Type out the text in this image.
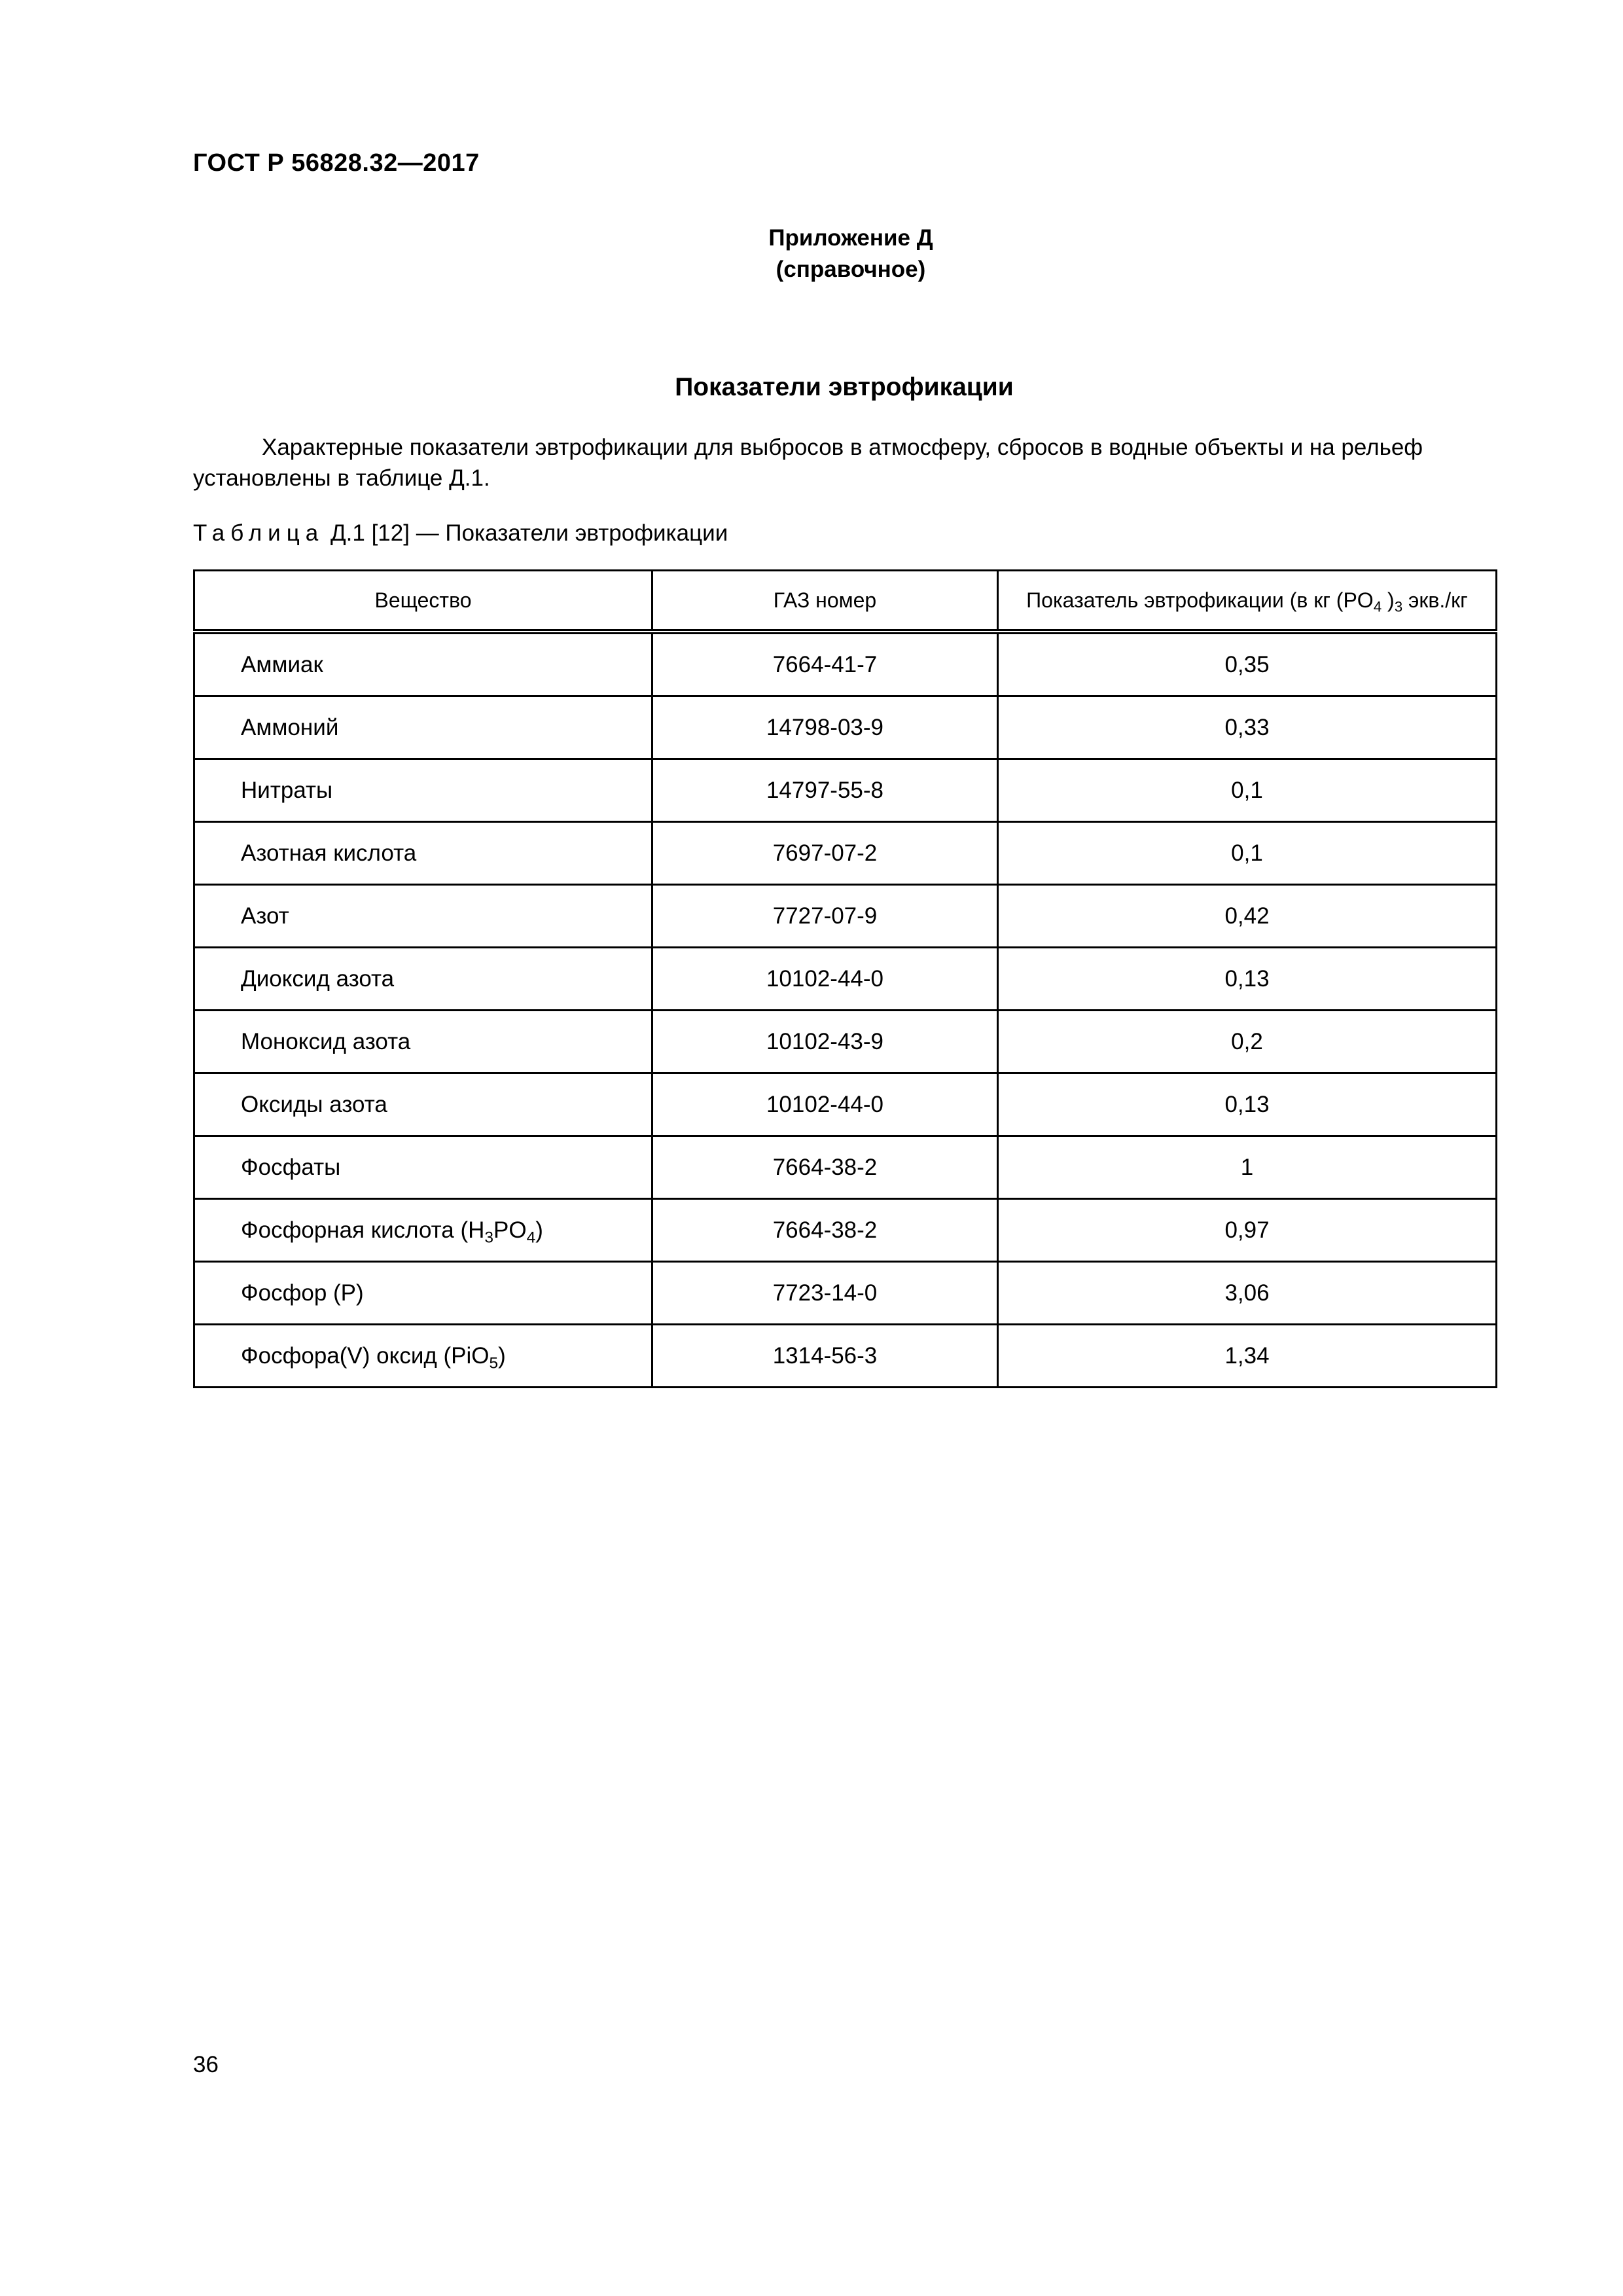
ГОСТ Р 56828.32—2017
Приложение Д
(справочное)
Показатели эвтрофикации
Характерные показатели эвтрофикации для выбросов в атмосферу, сбросов в водные объекты и на рельеф установлены в таблице Д.1.
Таблица Д.1 [12] — Показатели эвтрофикации
Вещество	ГАЗ номер	Показатель эвтрофикации (в кг ($PO_4$ )$_3$ экв./кг
Аммиак	7664-41-7	0,35
Аммоний	14798-03-9	0,33
Нитраты	14797-55-8	0,1
Азотная кислота	7697-07-2	0,1
Азот	7727-07-9	0,42
Диоксид азота	10102-44-0	0,13
Моноксид азота	10102-43-9	0,2
Оксиды азота	10102-44-0	0,13
Фосфаты	7664-38-2	1
Фосфорная кислота $(H_3PO_4)$	7664-38-2	0,97
Фосфор (P)	7723-14-0	3,06
Фосфора(V) оксид (PiO$_5$)	1314-56-3	1,34
36
